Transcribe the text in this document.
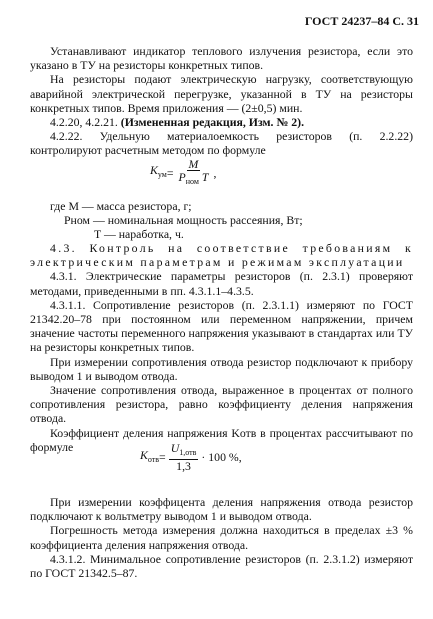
ГОСТ 24237–84 С. 31

Устанавливают индикатор теплового излучения резистора, если это указано в ТУ на резисторы конкретных типов.

На резисторы подают электрическую нагрузку, соответствующую аварийной электрической перегрузке, указанной в ТУ на резисторы конкретных типов. Время приложения — (2±0,5) мин.

4.2.20, 4.2.21. (Измененная редакция, Изм. № 2).

4.2.22. Удельную материалоемкость резисторов (п. 2.2.22) контролируют расчетным методом по формуле

$K_{ум} = \frac{M}{P_{ном} T}$ ,

где M — масса резистора, г;

Pном — номинальная мощность рассеяния, Вт;

T — наработка, ч.

4.3. Контроль на соответствие требованиям к электрическим параметрам и режимам эксплуатации

4.3.1. Электрические параметры резисторов (п. 2.3.1) проверяют методами, приведенными в пп. 4.3.1.1–4.3.5.

4.3.1.1. Сопротивление резисторов (п. 2.3.1.1) измеряют по ГОСТ 21342.20–78 при постоянном или переменном напряжении, причем значение частоты переменного напряжения указывают в стандартах или ТУ на резисторы конкретных типов.

При измерении сопротивления отвода резистор подключают к прибору выводом 1 и выводом отвода.

Значение сопротивления отвода, выраженное в процентах от полного сопротивления резистора, равно коэффициенту деления напряжения отвода.

Коэффициент деления напряжения Kотв в процентах рассчитывают по формуле

$K_{отв} = \frac{U_{1,отв}}{1,3} \cdot 100$ %,

При измерении коэффицента деления напряжения отвода резистор подключают к вольтметру выводом 1 и выводом отвода.

Погрешность метода измерения должна находиться в пределах ±3 % коэффициента деления напряжения отвода.

4.3.1.2. Минимальное сопротивление резисторов (п. 2.3.1.2) измеряют по ГОСТ 21342.5–87.
